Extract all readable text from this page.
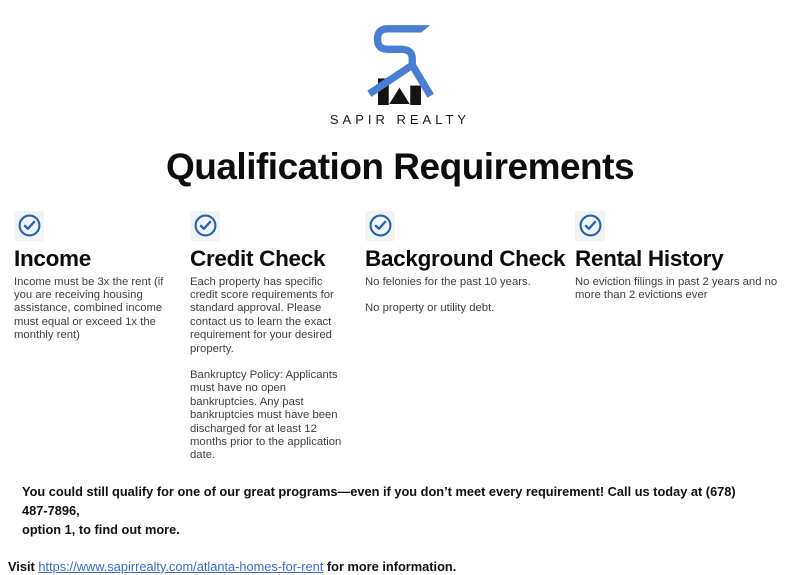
SAPIR REALTY
Qualification Requirements
Income

Income must be 3x the rent (if you are receiving housing assistance, combined income must equal or exceed 1x the monthly rent)

Credit Check

Each property has specific credit score requirements for standard approval. Please contact us to learn the exact requirement for your desired property.

Bankruptcy Policy: Applicants must have no open bankruptcies. Any past bankruptcies must have been discharged for at least 12 months prior to the application date.

Background Check

No felonies for the past 10 years.

No property or utility debt.

Rental History

No eviction filings in past 2 years and no more than 2 evictions ever

You could still qualify for one of our great programs—even if you don’t meet every requirement! Call us today at (678) 487-7896,
option 1, to find out more.

Visit https://www.sapirrealty.com/atlanta-homes-for-rent for more information.
